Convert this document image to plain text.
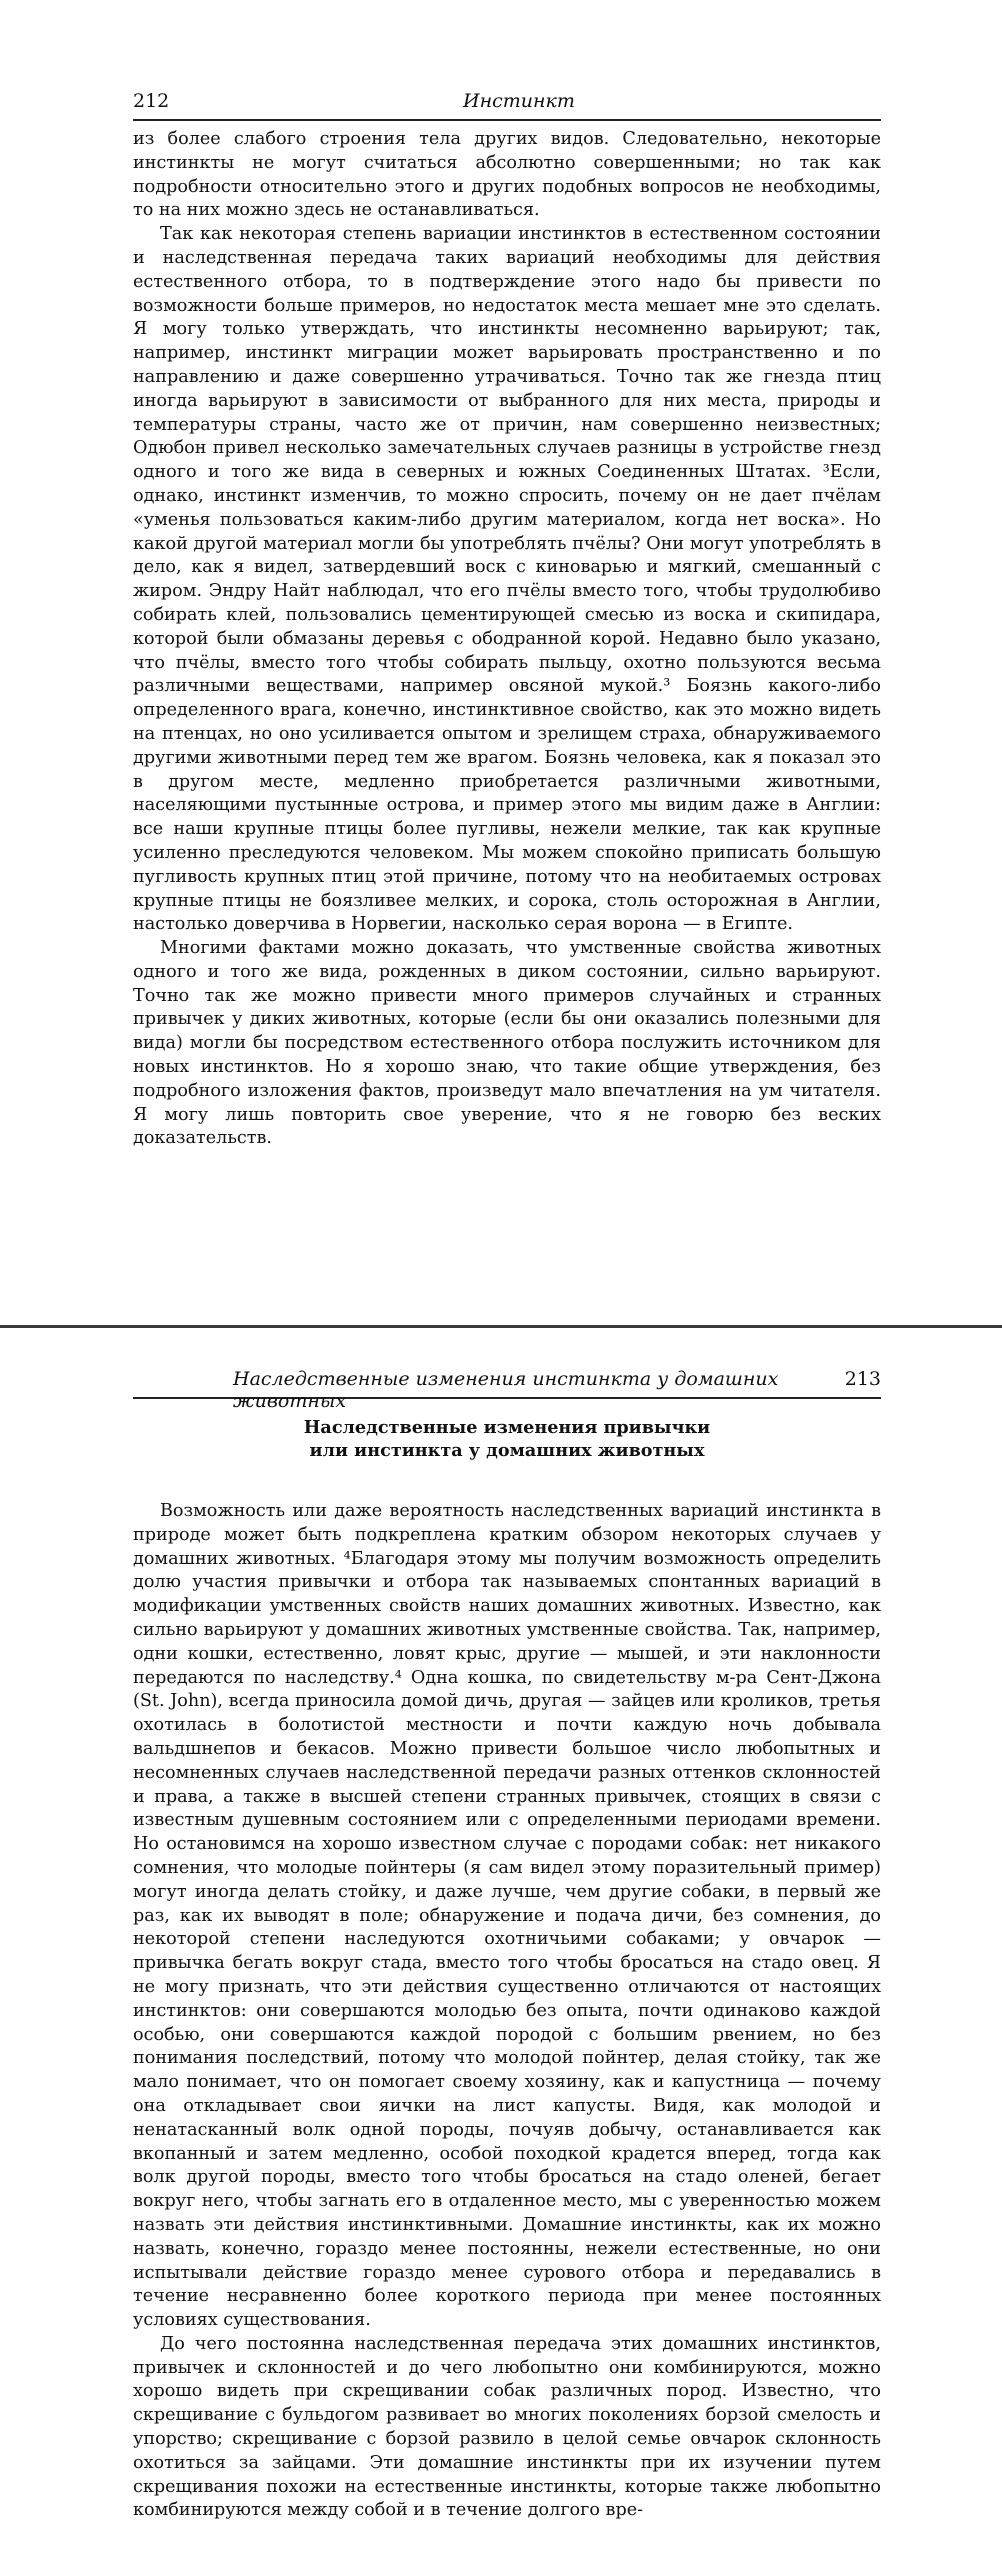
212	Инстинкт

из более слабого строения тела других видов. Следовательно, некоторые инстинкты не могут считаться абсолютно совершенными; но так как подробности относительно этого и других подобных вопросов не необходимы, то на них можно здесь не останавливаться.

Так как некоторая степень вариации инстинктов в естественном состоянии и наследственная передача таких вариаций необходимы для действия естественного отбора, то в подтверждение этого надо бы привести по возможности больше примеров, но недостаток места мешает мне это сделать. Я могу только утверждать, что инстинкты несомненно варьируют; так, например, инстинкт миграции может варьировать пространственно и по направлению и даже совершенно утрачиваться. Точно так же гнезда птиц иногда варьируют в зависимости от выбранного для них места, природы и температуры страны, часто же от причин, нам совершенно неизвестных; Одюбон привел несколько замечательных случаев разницы в устройстве гнезд одного и того же вида в северных и южных Соединенных Штатах. ³Если, однако, инстинкт изменчив, то можно спросить, почему он не дает пчёлам «уменья пользоваться каким-либо другим материалом, когда нет воска». Но какой другой материал могли бы употреблять пчёлы? Они могут употреблять в дело, как я видел, затвердевший воск с киноварью и мягкий, смешанный с жиром. Эндру Найт наблюдал, что его пчёлы вместо того, чтобы трудолюбиво собирать клей, пользовались цементирующей смесью из воска и скипидара, которой были обмазаны деревья с ободранной корой. Недавно было указано, что пчёлы, вместо того чтобы собирать пыльцу, охотно пользуются весьма различными веществами, например овсяной мукой.³ Боязнь какого-либо определенного врага, конечно, инстинктивное свойство, как это можно видеть на птенцах, но оно усиливается опытом и зрелищем страха, обнаруживаемого другими животными перед тем же врагом. Боязнь человека, как я показал это в другом месте, медленно приобретается различными животными, населяющими пустынные острова, и пример этого мы видим даже в Англии: все наши крупные птицы более пугливы, нежели мелкие, так как крупные усиленно преследуются человеком. Мы можем спокойно приписать большую пугливость крупных птиц этой причине, потому что на необитаемых островах крупные птицы не боязливее мелких, и сорока, столь осторожная в Англии, настолько доверчива в Норвегии, насколько серая ворона — в Египте.

Многими фактами можно доказать, что умственные свойства животных одного и того же вида, рожденных в диком состоянии, сильно варьируют. Точно так же можно привести много примеров случайных и странных привычек у диких животных, которые (если бы они оказались полезными для вида) могли бы посредством естественного отбора послужить источником для новых инстинктов. Но я хорошо знаю, что такие общие утверждения, без подробного изложения фактов, произведут мало впечатления на ум читателя. Я могу лишь повторить свое уверение, что я не говорю без веских доказательств.

Наследственные изменения инстинкта у домашних животных
213
Наследственные изменения привычки
или инстинкта у домашних животных

Возможность или даже вероятность наследственных вариаций инстинкта в природе может быть подкреплена кратким обзором некоторых случаев у домашних животных. ⁴Благодаря этому мы получим возможность определить долю участия привычки и отбора так называемых спонтанных вариаций в модификации умственных свойств наших домашних животных. Известно, как сильно варьируют у домашних животных умственные свойства. Так, например, одни кошки, естественно, ловят крыс, другие — мышей, и эти наклонности передаются по наследству.⁴ Одна кошка, по свидетельству м-ра Сент-Джона (St. John), всегда приносила домой дичь, другая — зайцев или кроликов, третья охотилась в болотистой местности и почти каждую ночь добывала вальдшнепов и бекасов. Можно привести большое число любопытных и несомненных случаев наследственной передачи разных оттенков склонностей и права, а также в высшей степени странных привычек, стоящих в связи с известным душевным состоянием или с определенными периодами времени. Но остановимся на хорошо известном случае с породами собак: нет никакого сомнения, что молодые пойнтеры (я сам видел этому поразительный пример) могут иногда делать стойку, и даже лучше, чем другие собаки, в первый же раз, как их выводят в поле; обнаружение и подача дичи, без сомнения, до некоторой степени наследуются охотничьими собаками; у овчарок — привычка бегать вокруг стада, вместо того чтобы бросаться на стадо овец. Я не могу признать, что эти действия существенно отличаются от настоящих инстинктов: они совершаются молодью без опыта, почти одинаково каждой особью, они совершаются каждой породой с большим рвением, но без понимания последствий, потому что молодой пойнтер, делая стойку, так же мало понимает, что он помогает своему хозяину, как и капустница — почему она откладывает свои яички на лист капусты. Видя, как молодой и ненатасканный волк одной породы, почуяв добычу, останавливается как вкопанный и затем медленно, особой походкой крадется вперед, тогда как волк другой породы, вместо того чтобы бросаться на стадо оленей, бегает вокруг него, чтобы загнать его в отдаленное место, мы с уверенностью можем назвать эти действия инстинктивными. Домашние инстинкты, как их можно назвать, конечно, гораздо менее постоянны, нежели естественные, но они испытывали действие гораздо менее сурового отбора и передавались в течение несравненно более короткого периода при менее постоянных условиях существования.

До чего постоянна наследственная передача этих домашних инстинктов, привычек и склонностей и до чего любопытно они комбинируются, можно хорошо видеть при скрещивании собак различных пород. Известно, что скрещивание с бульдогом развивает во многих поколениях борзой смелость и упорство; скрещивание с борзой развило в целой семье овчарок склонность охотиться за зайцами. Эти домашние инстинкты при их изучении путем скрещивания похожи на естественные инстинкты, которые также любопытно комбинируются между собой и в течение долгого вре-
